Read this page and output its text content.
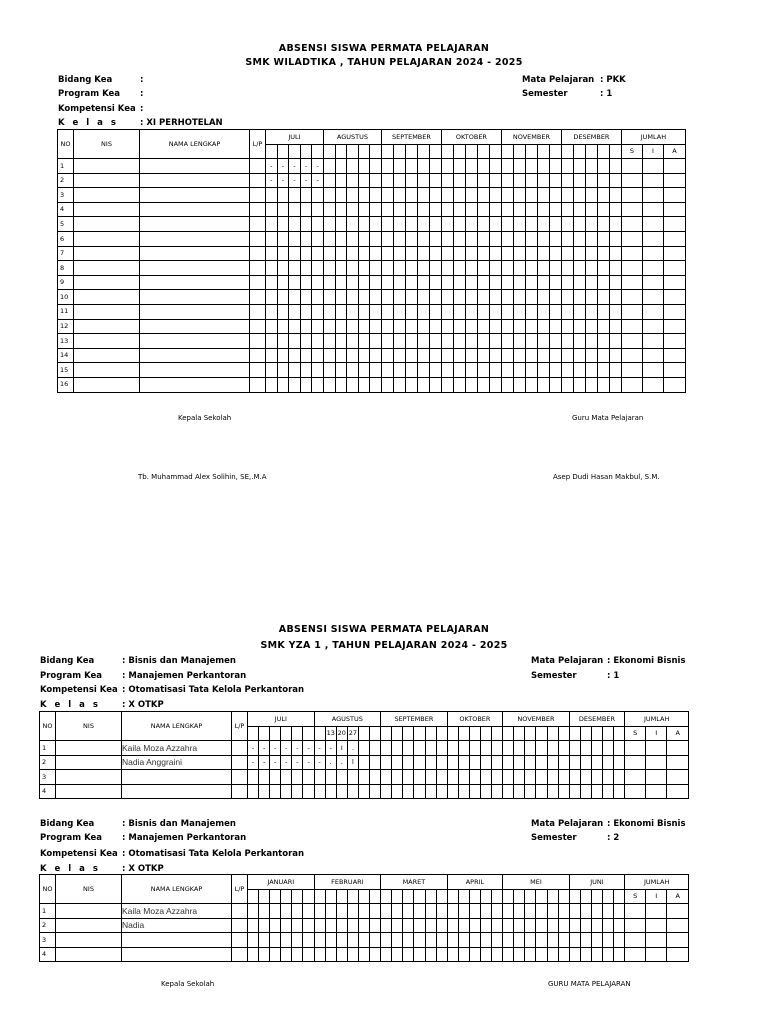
ABSENSI SISWA PERMATA PELAJARAN
SMK WILADTIKA , TAHUN PELAJARAN 2024 - 2025
Bidang Kea	:
Program Kea :
Kompetensi Kea :
K e l a s	: XI PERHOTELAN
Mata Pelajaran : PKK
Semester	: 1
NO	NIS	NAMA LENGKAP	L/P	JULI					AGUSTUS					SEPTEMBER					OKTOBER					NOVEMBER					DESEMBER					JUMLAH		
																																		S	I	A
1				-	-	-	-	-																												
2				-	-	-	-	-																												
3																																				
4																																				
5																																				
6																																				
7																																				
8																																				
9																																				
10																																				
11																																				
12																																				
13																																				
14																																				
15																																				
16																																				
Kepala Sekolah	Guru Mata Pelajaran
Tb. Muhammad Alex Solihin, SE,.M.A	Asep Dudi Hasan Makbul, S.M.
ABSENSI SISWA PERMATA PELAJARAN
SMK YZA 1 , TAHUN PELAJARAN 2024 - 2025
Bidang Kea	: Bisnis dan Manajemen
Program Kea : Manajemen Perkantoran
Kompetensi Kea : Otomatisasi Tata Kelola Perkantoran
K e l a s	: X OTKP
Mata Pelajaran : Ekonomi Bisnis
Semester	: 1
NO	NIS	NAMA LENGKAP	L/P	JULI						AGUSTUS						SEPTEMBER						OKTOBER					NOVEMBER						DESEMBER					JUMLAH		
											13	20	27																									S	I	A
1		Kaila Moza Azzahra		-	-	-	-	-	-	-	-	I	.																											
2		Nadia Anggraini		-	-	-	-	-	-	-	.	.	l																											
3																																								
4																																								
Bidang Kea	: Bisnis dan Manajemen
Program Kea : Manajemen Perkantoran
Kompetensi Kea : Otomatisasi Tata Kelola Perkantoran
K e l a s	: X OTKP
Mata Pelajaran : Ekonomi Bisnis
Semester	: 2
NO	NIS	NAMA LENGKAP	L/P	JANUARI						FEBRUARI						MARET						APRIL					MEI						JUNI					JUMLAH		
																																						S	I	A
1		Kaila Moza Azzahra																																						
2		Nadia																																						
3																																								
4																																								
Kepala Sekolah	GURU MATA PELAJARAN
